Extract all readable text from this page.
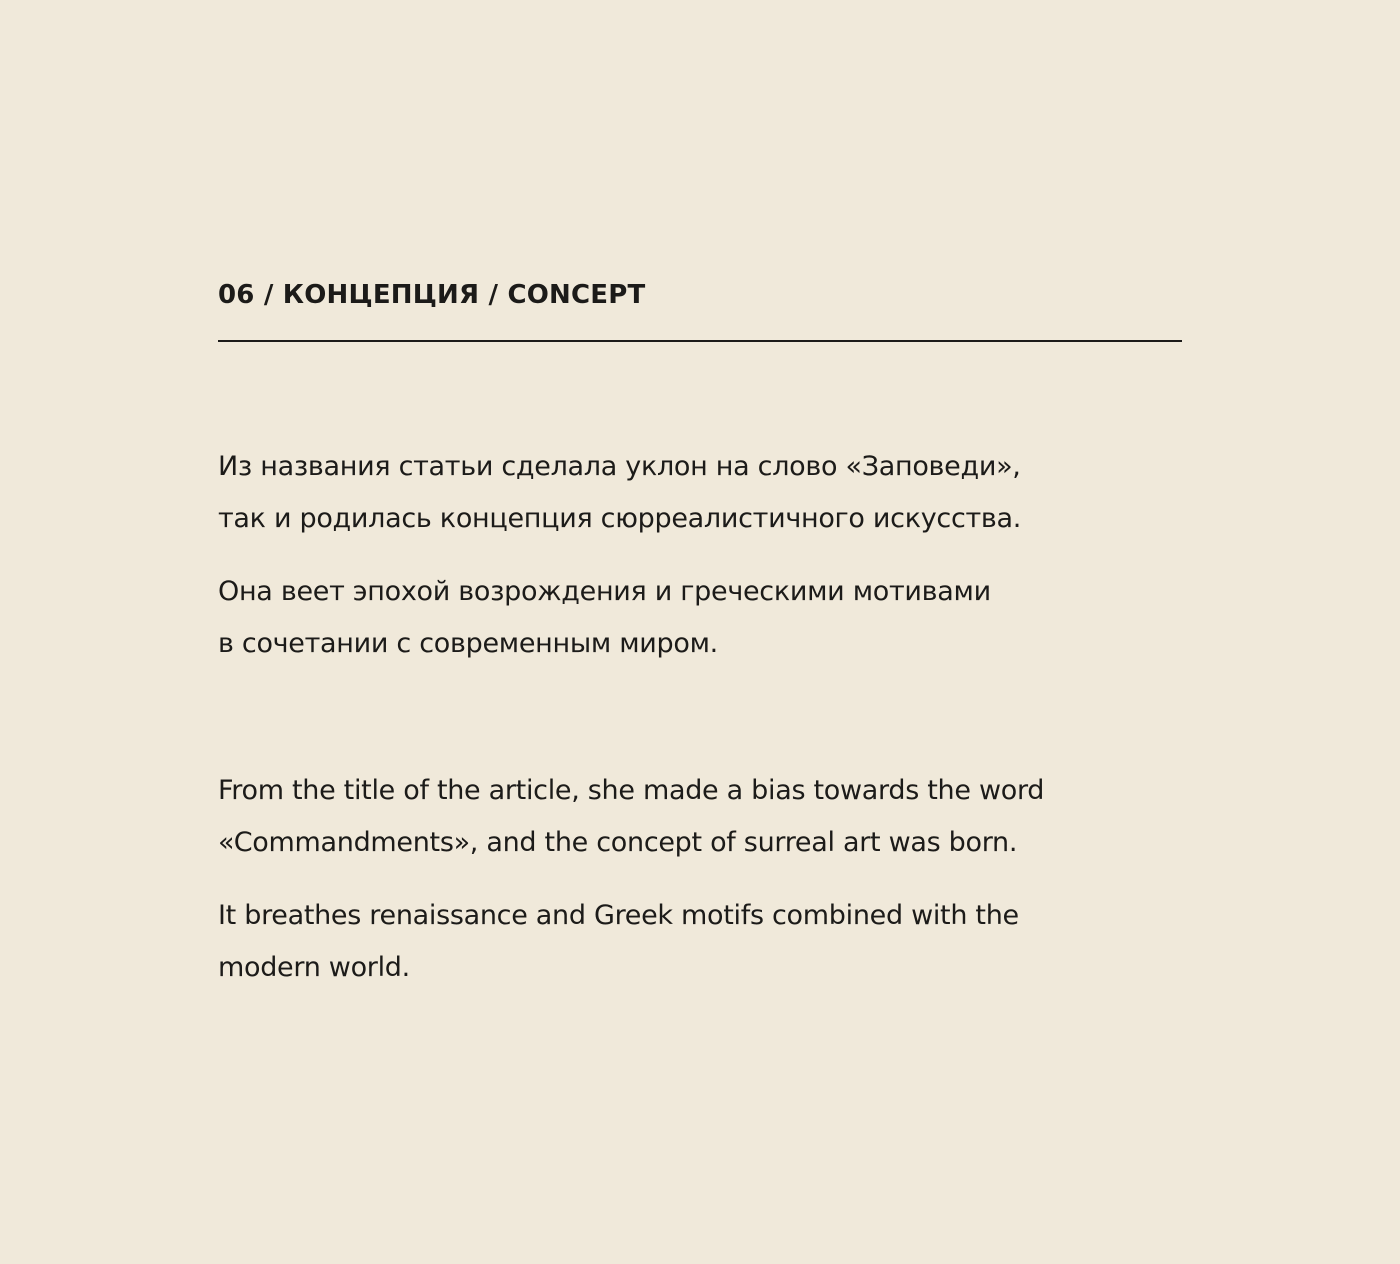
06 / КОНЦЕПЦИЯ / CONCEPT

Из названия статьи сделала уклон на слово «Заповеди»,
так и родилась концепция сюрреалистичного искусства.

Она веет эпохой возрождения и греческими мотивами
в сочетании с современным миром.

From the title of the article, she made a bias towards the word
«Commandments», and the concept of surreal art was born.

It breathes renaissance and Greek motifs combined with the
modern world.
